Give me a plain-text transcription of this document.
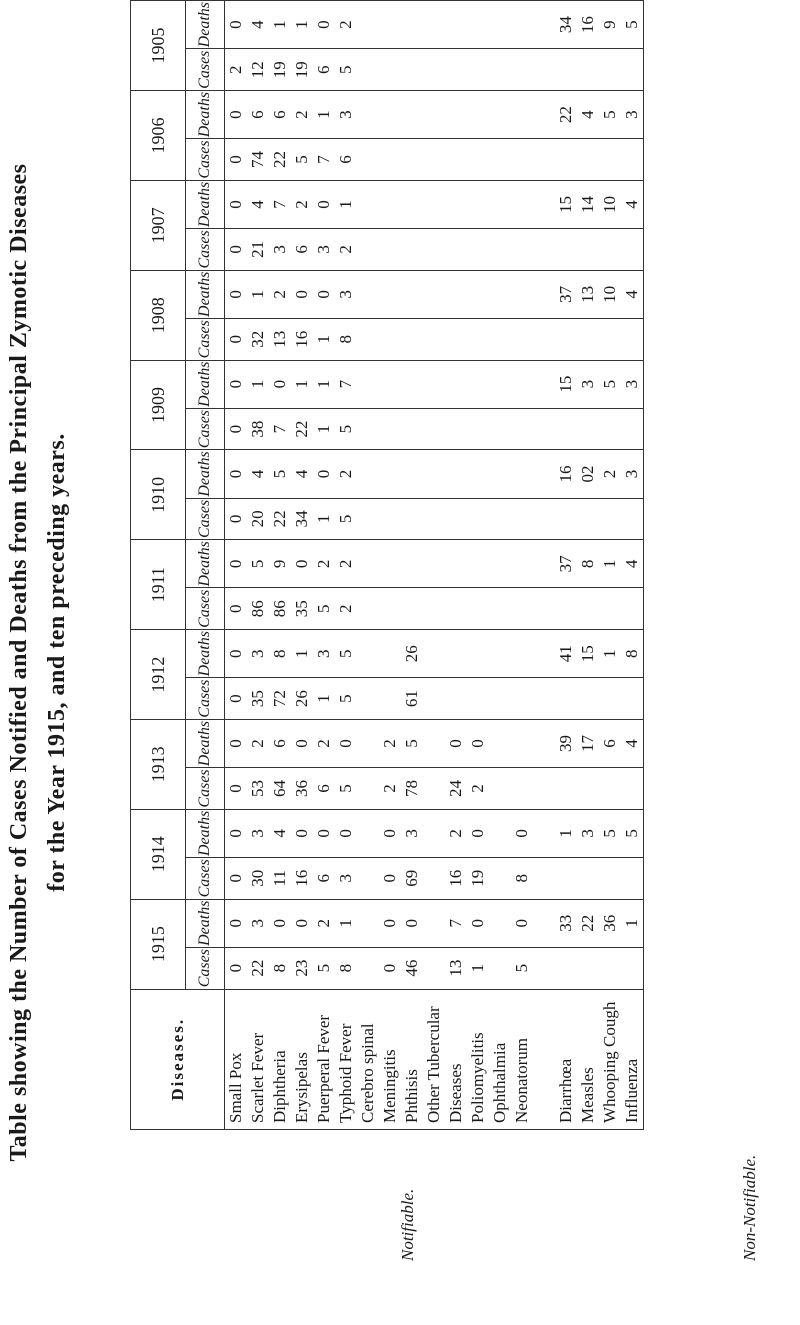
Table showing the Number of Cases Notified and Deaths from the Principal Zymotic Diseases for the Year 1915, and ten preceding years.
Diseases.	1915		1914		1913		1912		1911		1910		1909		1908		1907		1906		1905	
	Cases	Deaths	Cases	Deaths	Cases	Deaths	Cases	Deaths	Cases	Deaths	Cases	Deaths	Cases	Deaths	Cases	Deaths	Cases	Deaths	Cases	Deaths	Cases	Deaths
Small Pox	0	0	0	0	0	0	0	0	0	0	0	0	0	0	0	0	0	0	0	0	2	0
Scarlet Fever	22	3	30	3	53	2	35	3	86	5	20	4	38	1	32	1	21	4	74	6	12	4
Diphtheria	8	0	11	4	64	6	72	8	86	9	22	5	7	0	13	2	3	7	22	6	19	1
Erysipelas	23	0	16	0	36	0	26	1	35	0	34	4	22	1	16	0	6	2	5	2	19	1
Puerperal Fever	5	2	6	0	6	2	1	3	5	2	1	0	1	1	1	0	3	0	7	1	6	0
Typhoid Fever	8	1	3	0	5	0	5	5	2	2	5	2	5	7	8	3	2	1	6	3	5	2
Cerebro spinal																						
Meningitis	0	0	0	0	2	2																
Phthisis	46	0	69	3	78	5	61	26														
Other Tubercular																						
Diseases	13	7	16	2	24	0																
Poliomyelitis	1	0	19	0	2	0																
Ophthalmia																						
Neonatorum	5	0	8	0																		

Diarrhœa		33		1		39		41		37		16		15		37		15		22		34
Measles		22		3		17		15		8		02		3		13		14		4		16
Whooping Cough		36		5		6		1		1		2		5		10		10		5		9
Influenza		1		5		4		8		4		3		3		4		4		3		5
Notifiable.	Non-Notifiable.
